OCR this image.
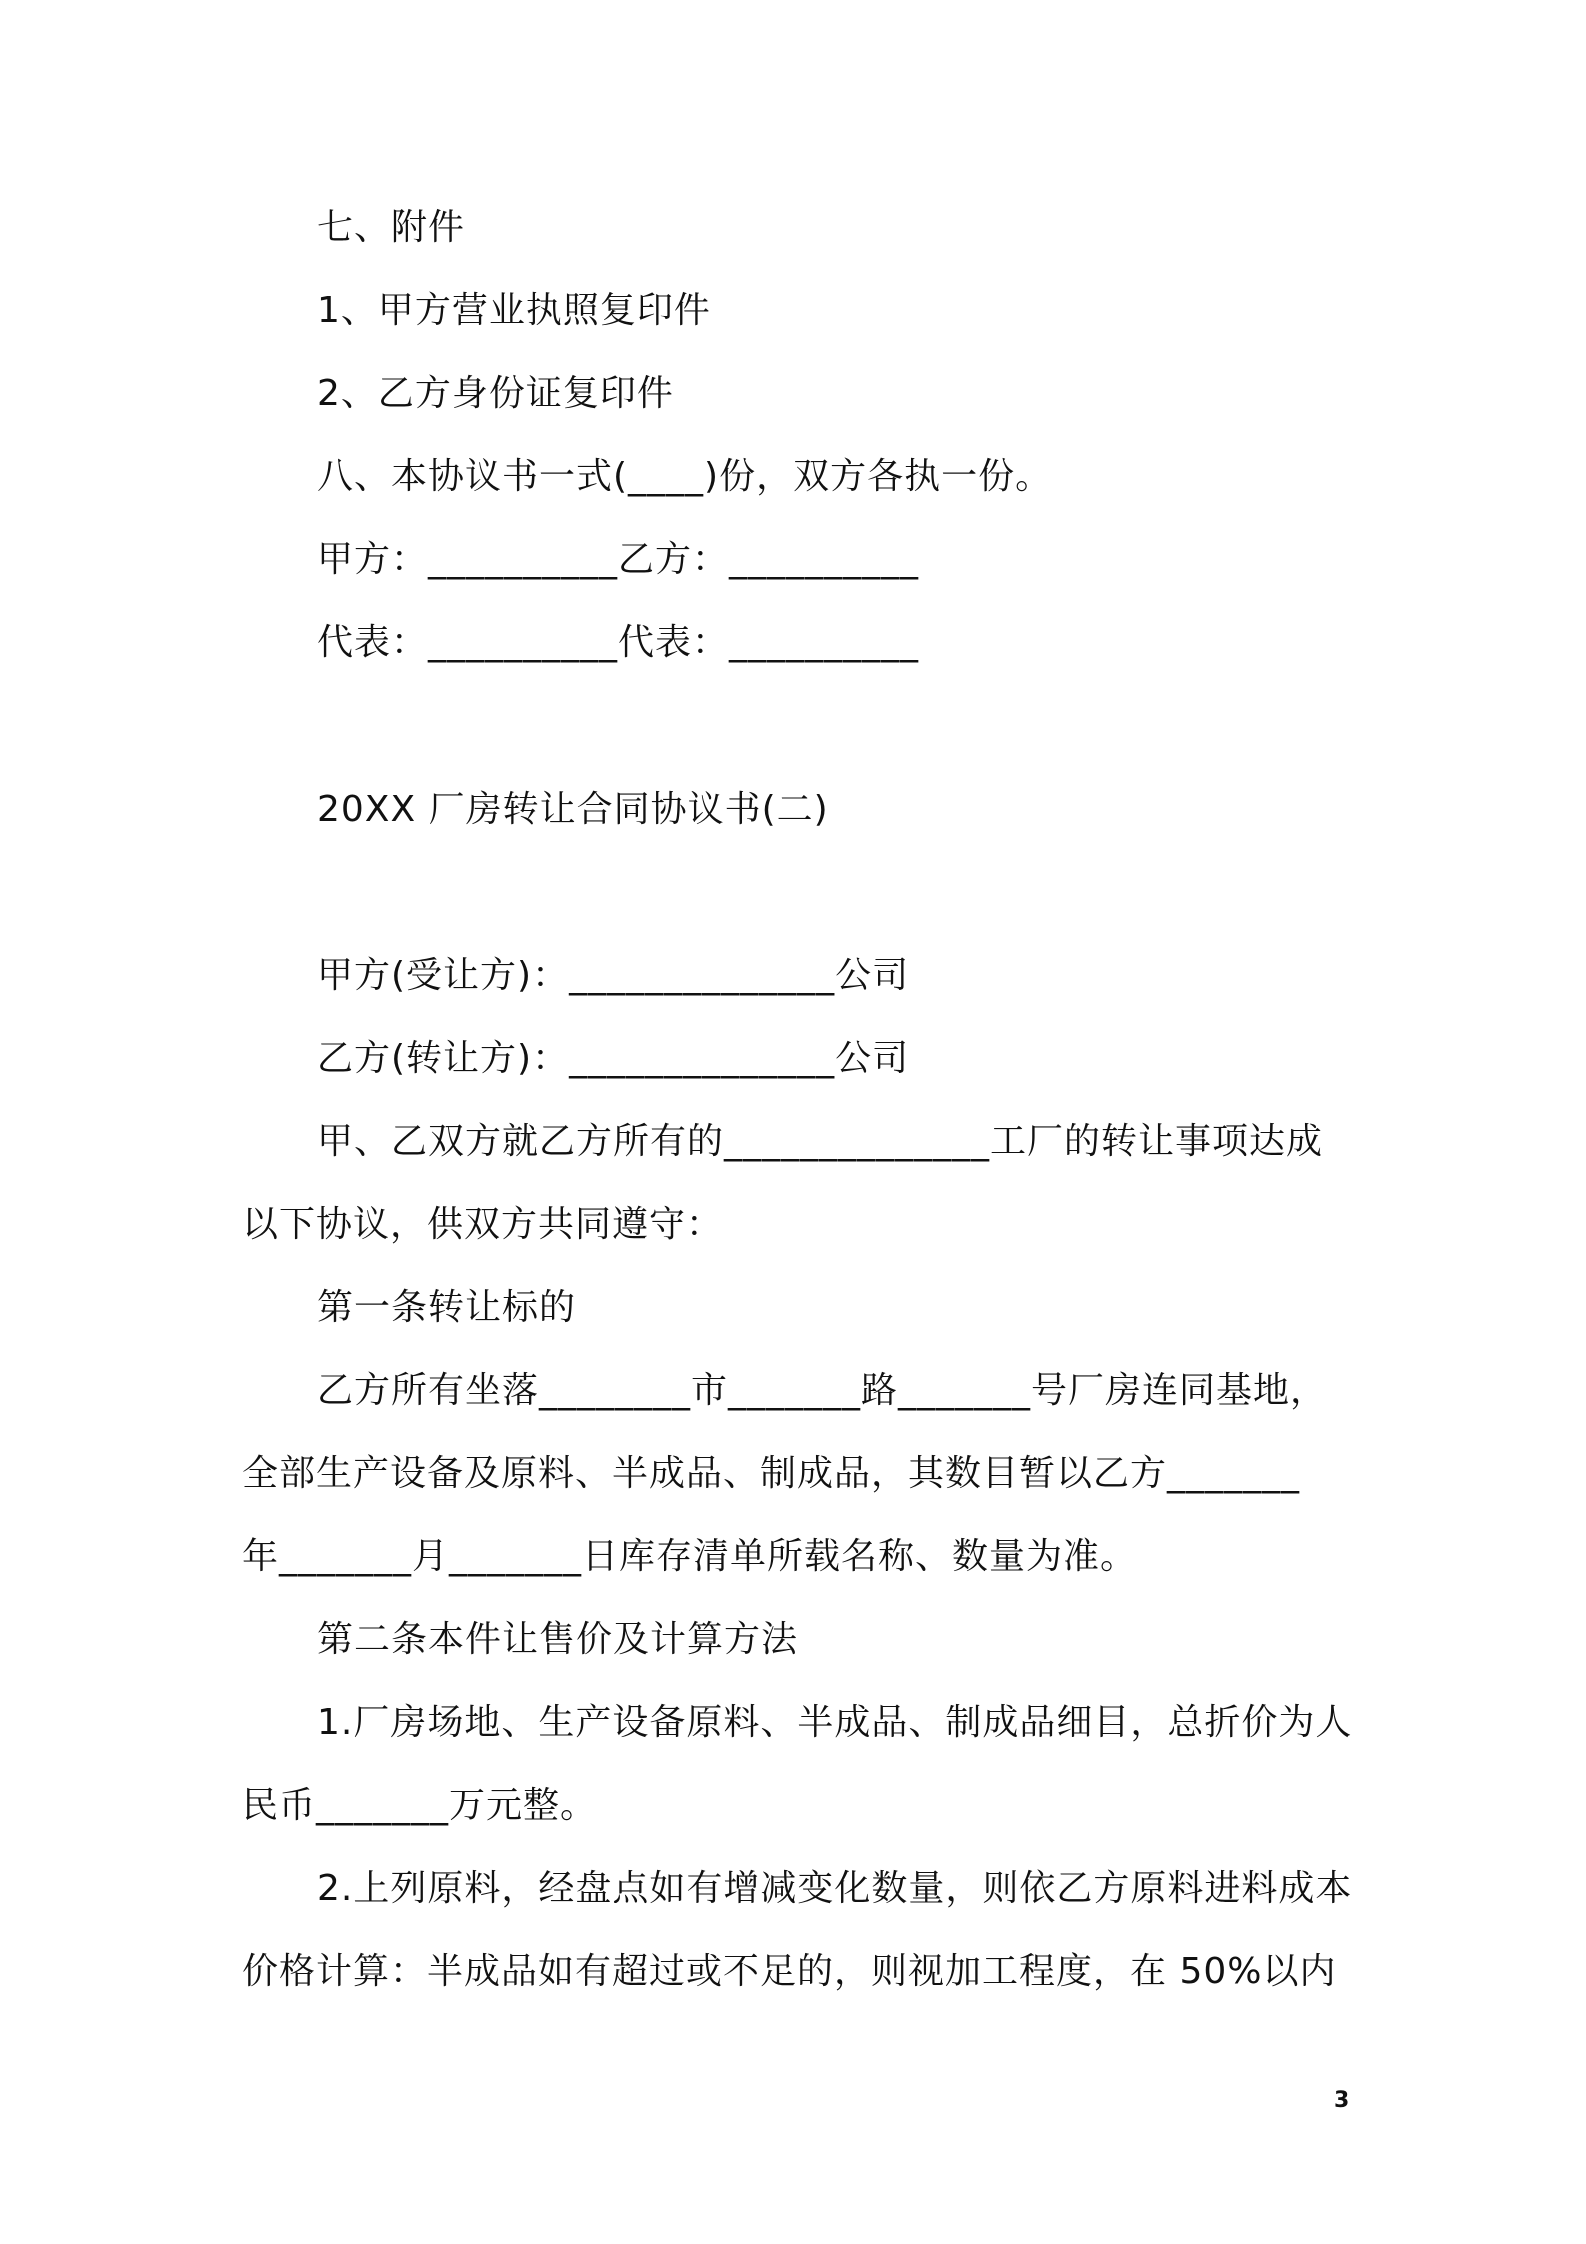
七、附件

1、甲方营业执照复印件

2、乙方身份证复印件

八、本协议书一式(____)份，双方各执一份。

甲方：__________乙方：__________

代表：__________代表：__________

20XX 厂房转让合同协议书(二)

甲方(受让方)：______________公司

乙方(转让方)：______________公司

甲、乙双方就乙方所有的______________工厂的转让事项达成

以下协议，供双方共同遵守：

第一条转让标的

乙方所有坐落________市_______路_______号厂房连同基地，

全部生产设备及原料、半成品、制成品，其数目暂以乙方_______

年_______月_______日库存清单所载名称、数量为准。

第二条本件让售价及计算方法

1.厂房场地、生产设备原料、半成品、制成品细目，总折价为人

民币_______万元整。

2.上列原料，经盘点如有增减变化数量，则依乙方原料进料成本

价格计算：半成品如有超过或不足的，则视加工程度，在 50%以内

3
